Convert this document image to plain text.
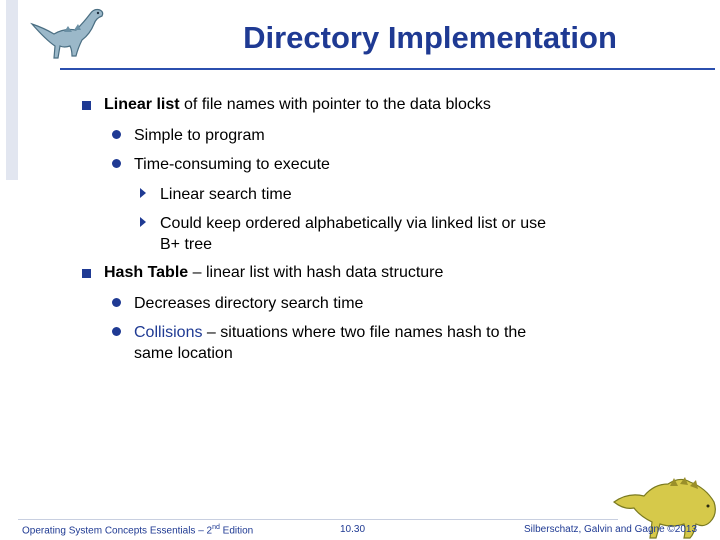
Directory Implementation
Linear list of file names with pointer to the data blocks
Simple to program
Time-consuming to execute
Linear search time
Could keep ordered alphabetically via linked list or use
B+ tree
Hash Table – linear list with hash data structure
Decreases directory search time
Collisions – situations where two file names hash to the
same location
Operating System Concepts Essentials – 2nd Edition	10.30	Silberschatz, Galvin and Gagne ©2013
